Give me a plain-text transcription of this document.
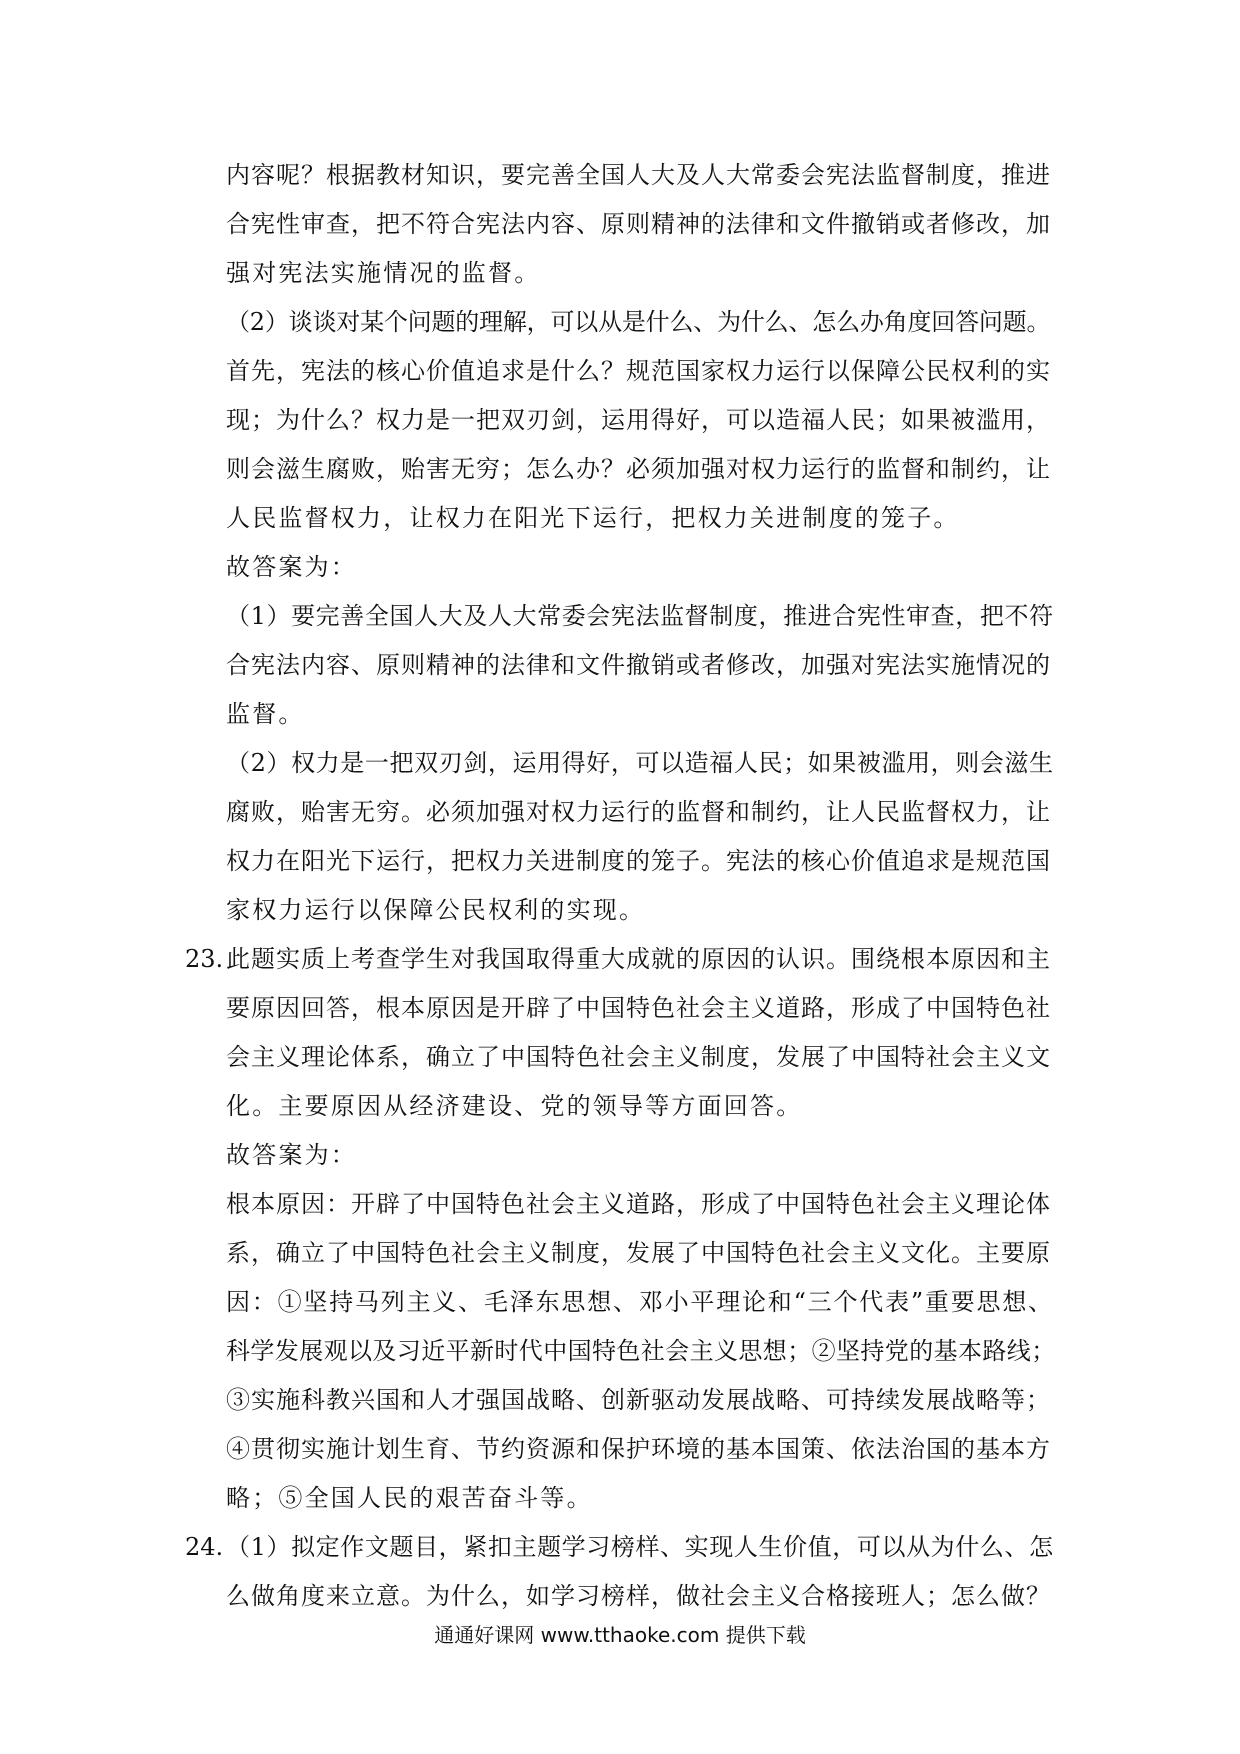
内容呢？根据教材知识，要完善全国人大及人大常委会宪法监督制度，推进
合宪性审查，把不符合宪法内容、原则精神的法律和文件撤销或者修改，加
强对宪法实施情况的监督。
（2）谈谈对某个问题的理解，可以从是什么、为什么、怎么办角度回答问题。
首先，宪法的核心价值追求是什么？规范国家权力运行以保障公民权利的实
现；为什么？权力是一把双刃剑，运用得好，可以造福人民；如果被滥用，
则会滋生腐败，贻害无穷；怎么办？必须加强对权力运行的监督和制约，让
人民监督权力，让权力在阳光下运行，把权力关进制度的笼子。
故答案为：
（1）要完善全国人大及人大常委会宪法监督制度，推进合宪性审查，把不符
合宪法内容、原则精神的法律和文件撤销或者修改，加强对宪法实施情况的
监督。
（2）权力是一把双刃剑，运用得好，可以造福人民；如果被滥用，则会滋生
腐败，贻害无穷。必须加强对权力运行的监督和制约，让人民监督权力，让
权力在阳光下运行，把权力关进制度的笼子。宪法的核心价值追求是规范国
家权力运行以保障公民权利的实现。
23. 此题实质上考查学生对我国取得重大成就的原因的认识。围绕根本原因和主
要原因回答，根本原因是开辟了中国特色社会主义道路，形成了中国特色社
会主义理论体系，确立了中国特色社会主义制度，发展了中国特社会主义文
化。主要原因从经济建设、党的领导等方面回答。
故答案为：
根本原因：开辟了中国特色社会主义道路，形成了中国特色社会主义理论体
系，确立了中国特色社会主义制度，发展了中国特色社会主义文化。主要原
因：①坚持马列主义、毛泽东思想、邓小平理论和“三个代表”重要思想、
科学发展观以及习近平新时代中国特色社会主义思想；②坚持党的基本路线；
③实施科教兴国和人才强国战略、创新驱动发展战略、可持续发展战略等；
④贯彻实施计划生育、节约资源和保护环境的基本国策、依法治国的基本方
略；⑤全国人民的艰苦奋斗等。
24. （1）拟定作文题目，紧扣主题学习榜样、实现人生价值，可以从为什么、怎
么做角度来立意。为什么，如学习榜样，做社会主义合格接班人；怎么做？
通通好课网 www.tthaoke.com 提供下载
